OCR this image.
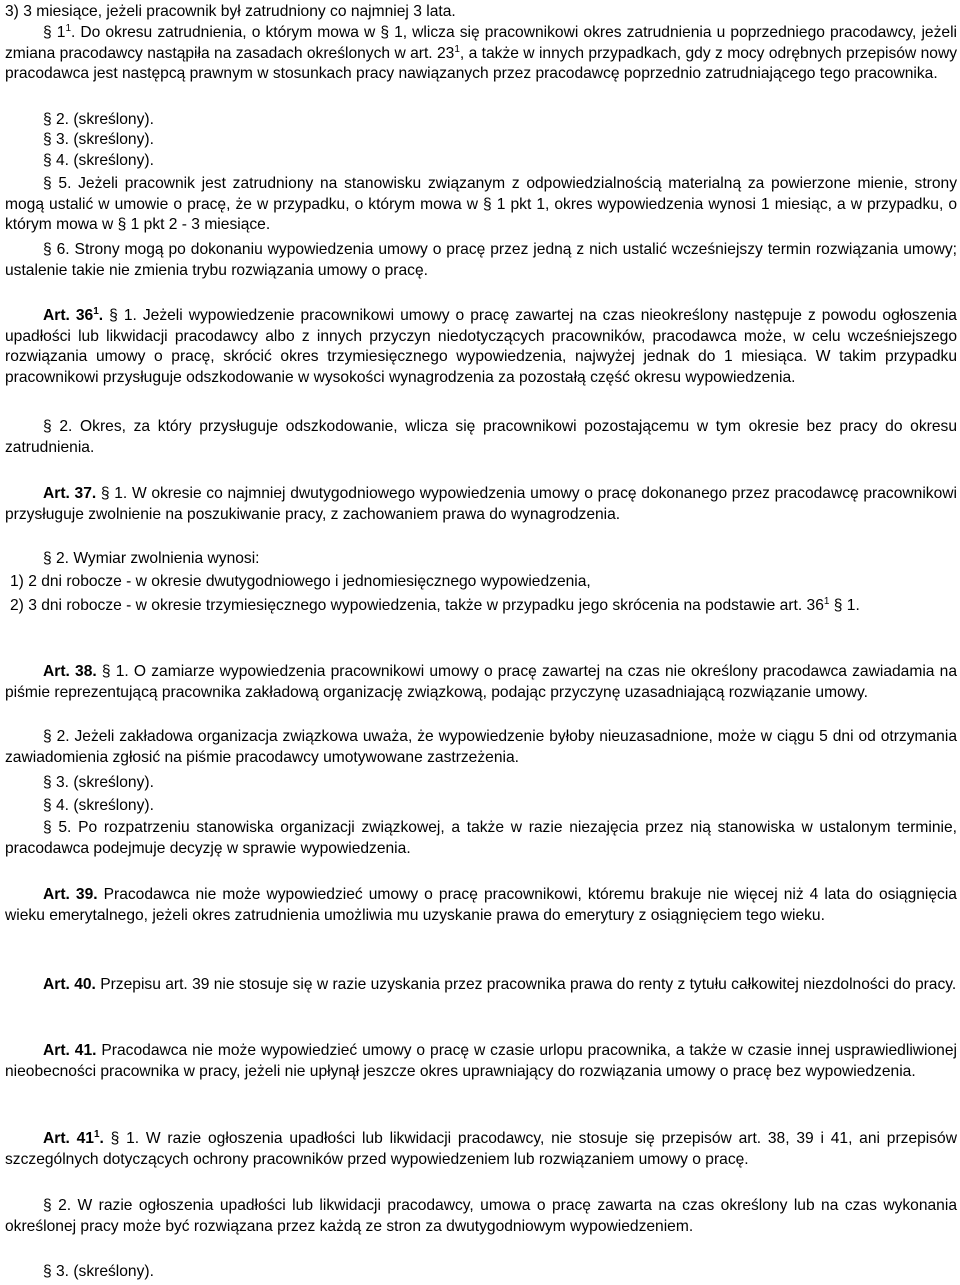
3) 3 miesiące, jeżeli pracownik był zatrudniony co najmniej 3 lata.

§ $1^1$. Do okresu zatrudnienia, o którym mowa w § 1, wlicza się pracownikowi okres zatrudnienia u poprzedniego pracodawcy, jeżeli zmiana pracodawcy nastąpiła na zasadach określonych w art. $23^1$, a także w innych przypadkach, gdy z mocy odrębnych przepisów nowy pracodawca jest następcą prawnym w stosunkach pracy nawiązanych przez pracodawcę poprzednio zatrudniającego tego pracownika.

§ 2. (skreślony).

§ 3. (skreślony).

§ 4. (skreślony).

§ 5. Jeżeli pracownik jest zatrudniony na stanowisku związanym z odpowiedzialnością materialną za powierzone mienie, strony mogą ustalić w umowie o pracę, że w przypadku, o którym mowa w § 1 pkt 1, okres wypowiedzenia wynosi 1 miesiąc, a w przypadku, o którym mowa w § 1 pkt 2 - 3 miesiące.

§ 6. Strony mogą po dokonaniu wypowiedzenia umowy o pracę przez jedną z nich ustalić wcześniejszy termin rozwiązania umowy; ustalenie takie nie zmienia trybu rozwiązania umowy o pracę.

Art. $36^1$. § 1. Jeżeli wypowiedzenie pracownikowi umowy o pracę zawartej na czas nieokreślony następuje z powodu ogłoszenia upadłości lub likwidacji pracodawcy albo z innych przyczyn niedotyczących pracowników, pracodawca może, w celu wcześniejszego rozwiązania umowy o pracę, skrócić okres trzymiesięcznego wypowiedzenia, najwyżej jednak do 1 miesiąca. W takim przypadku pracownikowi przysługuje odszkodowanie w wysokości wynagrodzenia za pozostałą część okresu wypowiedzenia.

§ 2. Okres, za który przysługuje odszkodowanie, wlicza się pracownikowi pozostającemu w tym okresie bez pracy do okresu zatrudnienia.

Art. 37. § 1. W okresie co najmniej dwutygodniowego wypowiedzenia umowy o pracę dokonanego przez pracodawcę pracownikowi przysługuje zwolnienie na poszukiwanie pracy, z zachowaniem prawa do wynagrodzenia.

§ 2. Wymiar zwolnienia wynosi:

1) 2 dni robocze - w okresie dwutygodniowego i jednomiesięcznego wypowiedzenia,

2) 3 dni robocze - w okresie trzymiesięcznego wypowiedzenia, także w przypadku jego skrócenia na podstawie art. $36^1$ § 1.

Art. 38. § 1. O zamiarze wypowiedzenia pracownikowi umowy o pracę zawartej na czas nie określony pracodawca zawiadamia na piśmie reprezentującą pracownika zakładową organizację związkową, podając przyczynę uzasadniającą rozwiązanie umowy.

§ 2. Jeżeli zakładowa organizacja związkowa uważa, że wypowiedzenie byłoby nieuzasadnione, może w ciągu 5 dni od otrzymania zawiadomienia zgłosić na piśmie pracodawcy umotywowane zastrzeżenia.

§ 3. (skreślony).

§ 4. (skreślony).

§ 5. Po rozpatrzeniu stanowiska organizacji związkowej, a także w razie niezajęcia przez nią stanowiska w ustalonym terminie, pracodawca podejmuje decyzję w sprawie wypowiedzenia.

Art. 39. Pracodawca nie może wypowiedzieć umowy o pracę pracownikowi, któremu brakuje nie więcej niż 4 lata do osiągnięcia wieku emerytalnego, jeżeli okres zatrudnienia umożliwia mu uzyskanie prawa do emerytury z osiągnięciem tego wieku.

Art. 40. Przepisu art. 39 nie stosuje się w razie uzyskania przez pracownika prawa do renty z tytułu całkowitej niezdolności do pracy.

Art. 41. Pracodawca nie może wypowiedzieć umowy o pracę w czasie urlopu pracownika, a także w czasie innej usprawiedliwionej nieobecności pracownika w pracy, jeżeli nie upłynął jeszcze okres uprawniający do rozwiązania umowy o pracę bez wypowiedzenia.

Art. $41^1$. § 1. W razie ogłoszenia upadłości lub likwidacji pracodawcy, nie stosuje się przepisów art. 38, 39 i 41, ani przepisów szczególnych dotyczących ochrony pracowników przed wypowiedzeniem lub rozwiązaniem umowy o pracę.

§ 2. W razie ogłoszenia upadłości lub likwidacji pracodawcy, umowa o pracę zawarta na czas określony lub na czas wykonania określonej pracy może być rozwiązana przez każdą ze stron za dwutygodniowym wypowiedzeniem.

§ 3. (skreślony).
